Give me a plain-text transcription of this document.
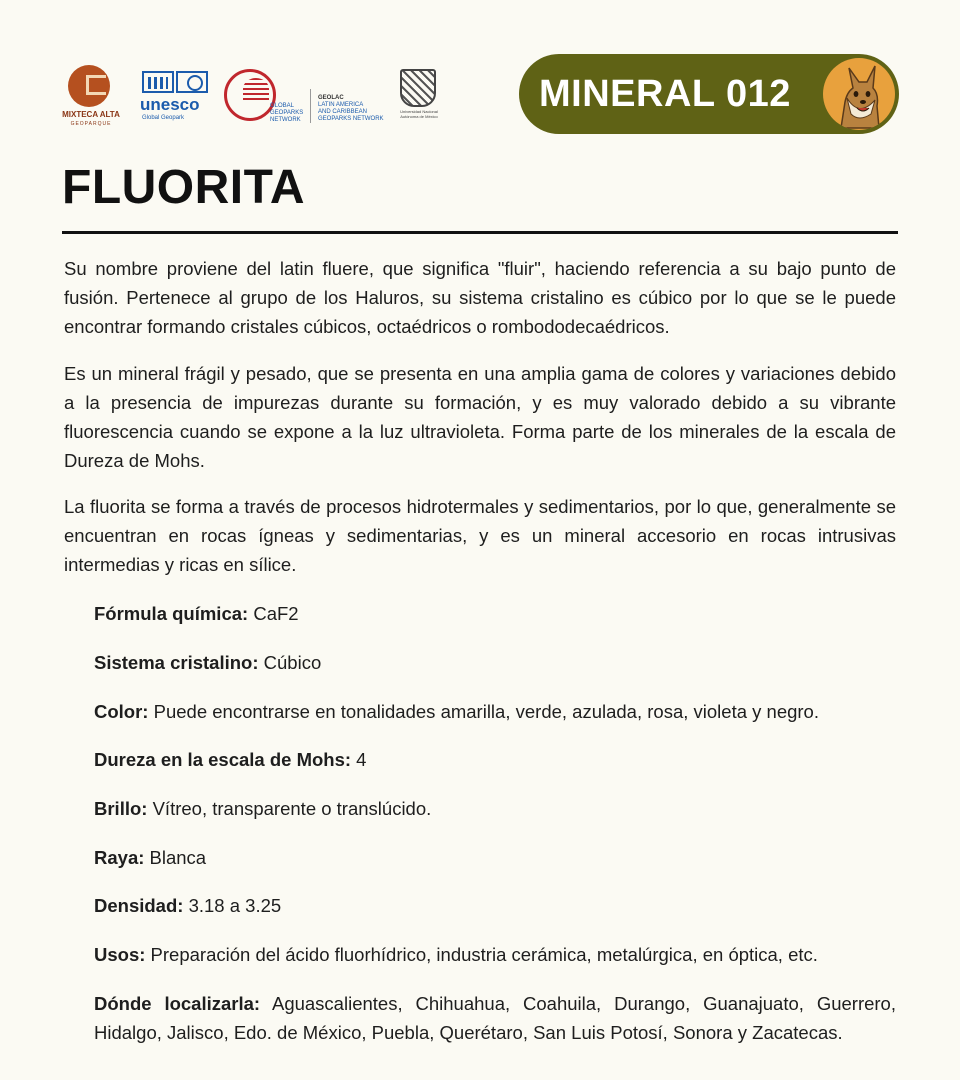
MIXTECA ALTA
GEOPARQUE
unesco
Global Geopark
GLOBAL
GEOPARKS
NETWORK
GEOLAC
LATIN AMERICA
AND CARIBBEAN
GEOPARKS NETWORK
Universidad Nacional Autónoma de México
MINERAL 012
FLUORITA
Su nombre proviene del latin fluere, que significa "fluir", haciendo referencia a su bajo punto de fusión. Pertenece al grupo de los Haluros, su sistema cristalino es cúbico por lo que se le puede encontrar formando cristales cúbicos, octaédricos o rombododecaédricos.
Es un mineral frágil y pesado, que se presenta en una amplia gama de colores y variaciones debido a la presencia de impurezas durante su formación, y es muy valorado debido a su vibrante fluorescencia cuando se expone a la luz ultravioleta. Forma parte de los minerales de la escala de Dureza de Mohs.
La fluorita se forma a través de procesos hidrotermales y sedimentarios, por lo que, generalmente se encuentran en rocas ígneas y sedimentarias, y es un mineral accesorio en rocas intrusivas intermedias y ricas en sílice.
Fórmula química: CaF2
Sistema cristalino: Cúbico
Color: Puede encontrarse en tonalidades amarilla, verde, azulada, rosa, violeta y negro.
Dureza en la escala de Mohs: 4
Brillo: Vítreo, transparente o translúcido.
Raya: Blanca
Densidad: 3.18 a 3.25
Usos: Preparación del ácido fluorhídrico, industria cerámica, metalúrgica, en óptica, etc.
Dónde localizarla: Aguascalientes, Chihuahua, Coahuila, Durango, Guanajuato, Guerrero, Hidalgo, Jalisco, Edo. de México, Puebla, Querétaro, San Luis Potosí, Sonora y Zacatecas.
